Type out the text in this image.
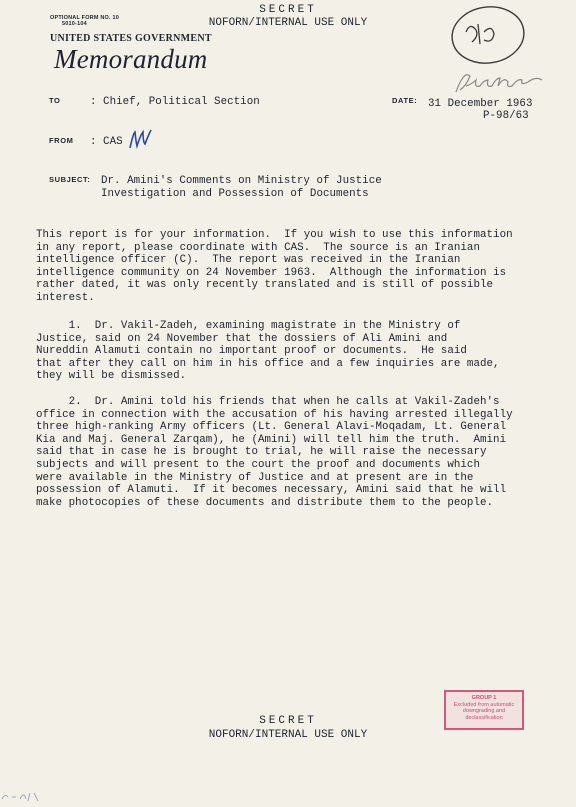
SECRET
NOFORN/INTERNAL USE ONLY
OPTIONAL FORM NO. 10
5010-104
UNITED STATES GOVERNMENT
Memorandum
TO
FROM
SUBJECT:
DATE:
: Chief, Political Section
: CAS
Dr. Amini's Comments on Ministry of Justice
Investigation and Possession of Documents
31 December 1963
P-98/63
This report is for your information.  If you wish to use this information
in any report, please coordinate with CAS.  The source is an Iranian
intelligence officer (C).  The report was received in the Iranian
intelligence community on 24 November 1963.  Although the information is
rather dated, it was only recently translated and is still of possible
interest.
1.  Dr. Vakil-Zadeh, examining magistrate in the Ministry of
Justice, said on 24 November that the dossiers of Ali Amini and
Nureddin Alamuti contain no important proof or documents.  He said
that after they call on him in his office and a few inquiries are made,
they will be dismissed.
2.  Dr. Amini told his friends that when he calls at Vakil-Zadeh's
office in connection with the accusation of his having arrested illegally
three high-ranking Army officers (Lt. General Alavi-Moqadam, Lt. General
Kia and Maj. General Zarqam), he (Amini) will tell him the truth.  Amini
said that in case he is brought to trial, he will raise the necessary
subjects and will present to the court the proof and documents which
were available in the Ministry of Justice and at present are in the
possession of Alamuti.  If it becomes necessary, Amini said that he will
make photocopies of these documents and distribute them to the people.
SECRET
NOFORN/INTERNAL USE ONLY
GROUP 1
Excluded from automatic
downgrading and
declassification
